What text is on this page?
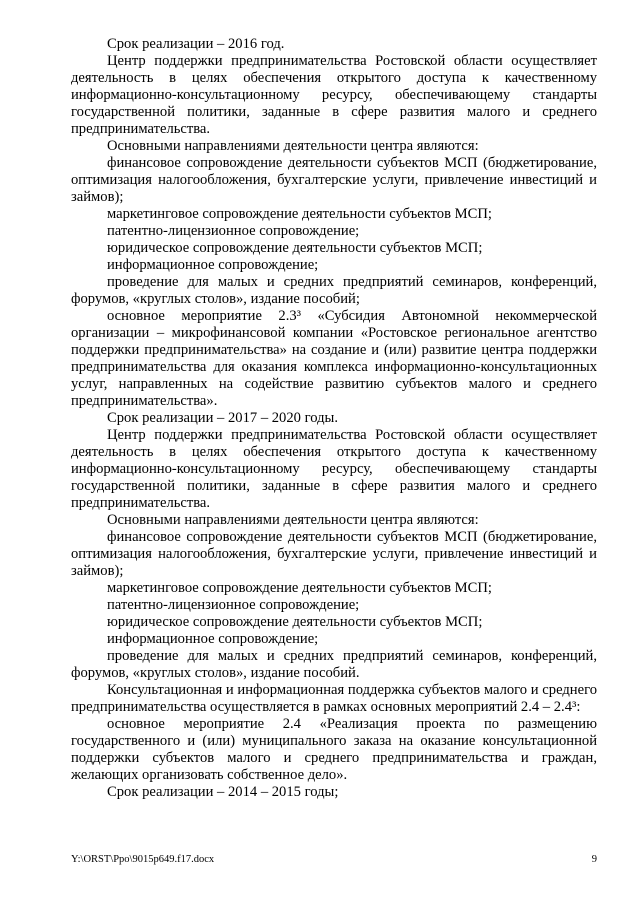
Срок реализации – 2016 год.

Центр поддержки предпринимательства Ростовской области осуществляет деятельность в целях обеспечения открытого доступа к качественному информационно-консультационному ресурсу, обеспечивающему стандарты государственной политики, заданные в сфере развития малого и среднего предпринимательства.

Основными направлениями деятельности центра являются:

финансовое сопровождение деятельности субъектов МСП (бюджетирование, оптимизация налогообложения, бухгалтерские услуги, привлечение инвестиций и займов);

маркетинговое сопровождение деятельности субъектов МСП;

патентно-лицензионное сопровождение;

юридическое сопровождение деятельности субъектов МСП;

информационное сопровождение;

проведение для малых и средних предприятий семинаров, конференций, форумов, «круглых столов», издание пособий;

основное мероприятие 2.3³ «Субсидия Автономной некоммерческой организации – микрофинансовой компании «Ростовское региональное агентство поддержки предпринимательства» на создание и (или) развитие центра поддержки предпринимательства для оказания комплекса информационно-консультационных услуг, направленных на содействие развитию субъектов малого и среднего предпринимательства».

Срок реализации – 2017 – 2020 годы.

Центр поддержки предпринимательства Ростовской области осуществляет деятельность в целях обеспечения открытого доступа к качественному информационно-консультационному ресурсу, обеспечивающему стандарты государственной политики, заданные в сфере развития малого и среднего предпринимательства.

Основными направлениями деятельности центра являются:

финансовое сопровождение деятельности субъектов МСП (бюджетирование, оптимизация налогообложения, бухгалтерские услуги, привлечение инвестиций и займов);

маркетинговое сопровождение деятельности субъектов МСП;

патентно-лицензионное сопровождение;

юридическое сопровождение деятельности субъектов МСП;

информационное сопровождение;

проведение для малых и средних предприятий семинаров, конференций, форумов, «круглых столов», издание пособий.

Консультационная и информационная поддержка субъектов малого и среднего предпринимательства осуществляется в рамках основных мероприятий 2.4 – 2.4³:

основное мероприятие 2.4 «Реализация проекта по размещению государственного и (или) муниципального заказа на оказание консультационной поддержки субъектов малого и среднего предпринимательства и граждан, желающих организовать собственное дело».

Срок реализации – 2014 – 2015 годы;

Y:\ORST\Ppo\9015p649.f17.docx	9
